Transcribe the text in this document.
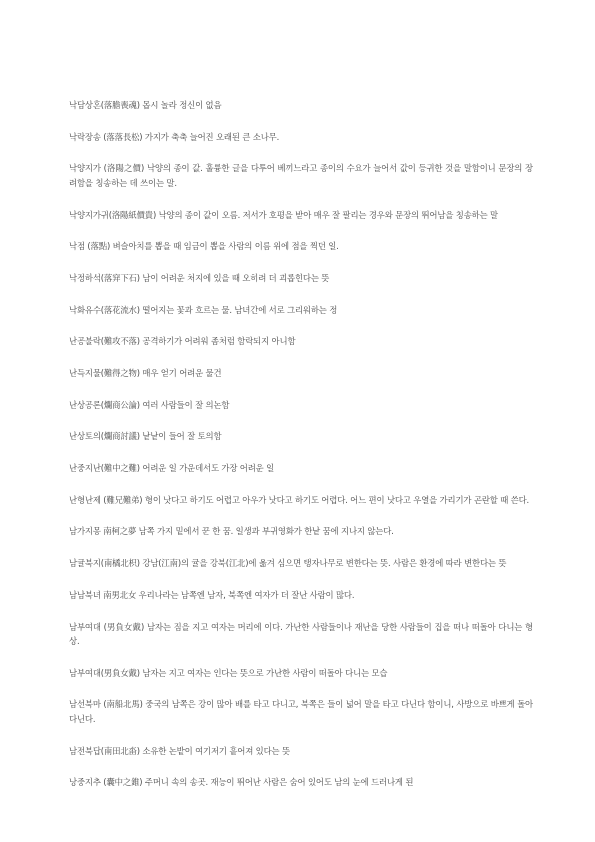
낙담상혼(落膽喪魂) 몹시 놀라 정신이 없음

낙락장송 (落落長松) 가지가 축축 늘어진 오래된 큰 소나무.

낙양지가 (洛陽之價) 낙양의 종이 값. 훌륭한 글을 다투어 베끼느라고 종이의 수요가 늘어서 값이 등귀한 것을 말함이니 문장의 장려함을 칭송하는 데 쓰이는 말.

낙양지가귀(洛陽紙價貴) 낙양의 종이 값이 오름. 저서가 호평을 받아 매우 잘 팔리는 경우와 문장의 뛰어남을 칭송하는 말

낙점 (落點) 벼슬아치를 뽑을 때 임금이 뽑을 사람의 이름 위에 점을 찍던 일.

낙정하석(落穽下石) 남이 어려운 처지에 있을 때 오히려 더 괴롭힌다는 뜻

낙화유수(落花流水) 떨어지는 꽃과 흐르는 물. 남녀간에 서로 그리워하는 정

난공불락(難攻不落) 공격하기가 어려워 좀처럼 함락되지 아니함

난득지물(難得之物) 매우 얻기 어려운 물건

난상공론(爛商公論) 여러 사람들이 잘 의논함

난상토의(爛商討議) 낱낱이 들어 잘 토의함

난중지난(難中之難) 어려운 일 가운데서도 가장 어려운 일

난형난제 (難兄難弟) 형이 낫다고 하기도 어렵고 아우가 낫다고 하기도 어렵다. 어느 편이 낫다고 우열을 가리기가 곤란할 때 쓴다.

남가지몽 南柯之夢 남쪽 가지 밑에서 꾼 한 꿈. 일생과 부귀영화가 한낱 꿈에 지나지 않는다.

남귤북지(南橘北枳) 강남(江南)의 귤을 강북(江北)에 옮겨 심으면 탱자나무로 변한다는 뜻. 사람은 환경에 따라 변한다는 뜻

남남북녀 南男北女 우리나라는 남쪽엔 남자, 북쪽엔 여자가 더 잘난 사람이 많다.

남부여대 (男負女戴) 남자는 짐을 지고 여자는 머리에 이다. 가난한 사람들이나 재난을 당한 사람들이 집을 떠나 떠돌아 다니는 형상.

남부여대(男負女戴) 남자는 지고 여자는 인다는 뜻으로 가난한 사람이 떠돌아 다니는 모습

남선북마 (南船北馬) 중국의 남쪽은 강이 많아 배를 타고 다니고, 북쪽은 들이 넓어 말을 타고 다닌다 함이니, 사방으로 바쁘게 돌아다닌다.

남전북답(南田北畓) 소유한 논밭이 여기저기 흩어져 있다는 뜻

낭중지추 (囊中之錐) 주머니 속의 송곳. 재능이 뛰어난 사람은 숨어 있어도 남의 눈에 드러나게 된
